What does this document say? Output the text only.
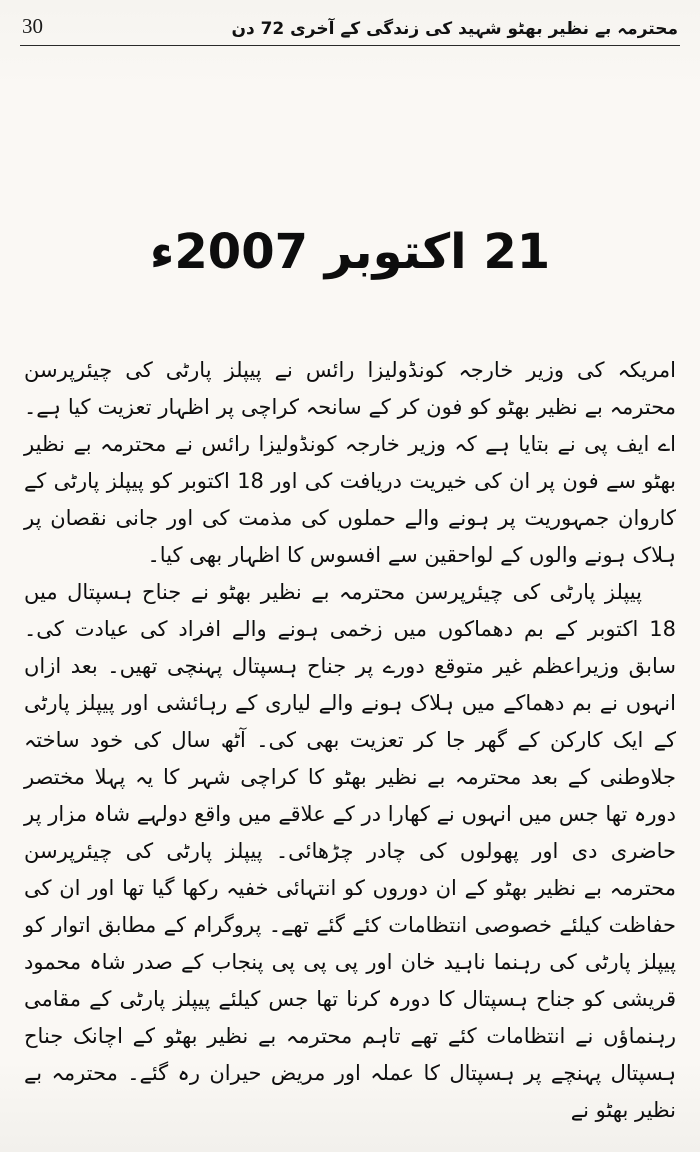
30	محترمہ بے نظیر بھٹو شہید کی زندگی کے آخری 72 دن
21 اکتوبر 2007ء

امریکہ کی وزیر خارجہ کونڈولیزا رائس نے پیپلز پارٹی کی چیئرپرسن محترمہ بے نظیر بھٹو کو فون کر کے سانحہ کراچی پر اظہار تعزیت کیا ہے۔ اے ایف پی نے بتایا ہے کہ وزیر خارجہ کونڈولیزا رائس نے محترمہ بے نظیر بھٹو سے فون پر ان کی خیریت دریافت کی اور 18 اکتوبر کو پیپلز پارٹی کے کاروان جمہوریت پر ہونے والے حملوں کی مذمت کی اور جانی نقصان پر ہلاک ہونے والوں کے لواحقین سے افسوس کا اظہار بھی کیا۔

پیپلز پارٹی کی چیئرپرسن محترمہ بے نظیر بھٹو نے جناح ہسپتال میں 18 اکتوبر کے بم دھماکوں میں زخمی ہونے والے افراد کی عیادت کی۔ سابق وزیراعظم غیر متوقع دورے پر جناح ہسپتال پہنچی تھیں۔ بعد ازاں انہوں نے بم دھماکے میں ہلاک ہونے والے لیاری کے رہائشی اور پیپلز پارٹی کے ایک کارکن کے گھر جا کر تعزیت بھی کی۔ آٹھ سال کی خود ساختہ جلاوطنی کے بعد محترمہ بے نظیر بھٹو کا کراچی شہر کا یہ پہلا مختصر دورہ تھا جس میں انہوں نے کھارا در کے علاقے میں واقع دولہے شاہ مزار پر حاضری دی اور پھولوں کی چادر چڑھائی۔ پیپلز پارٹی کی چیئرپرسن محترمہ بے نظیر بھٹو کے ان دوروں کو انتہائی خفیہ رکھا گیا تھا اور ان کی حفاظت کیلئے خصوصی انتظامات کئے گئے تھے۔ پروگرام کے مطابق اتوار کو پیپلز پارٹی کی رہنما ناہید خان اور پی پی پی پنجاب کے صدر شاہ محمود قریشی کو جناح ہسپتال کا دورہ کرنا تھا جس کیلئے پیپلز پارٹی کے مقامی رہنماؤں نے انتظامات کئے تھے تاہم محترمہ بے نظیر بھٹو کے اچانک جناح ہسپتال پہنچے پر ہسپتال کا عملہ اور مریض حیران رہ گئے۔ محترمہ بے نظیر بھٹو نے
